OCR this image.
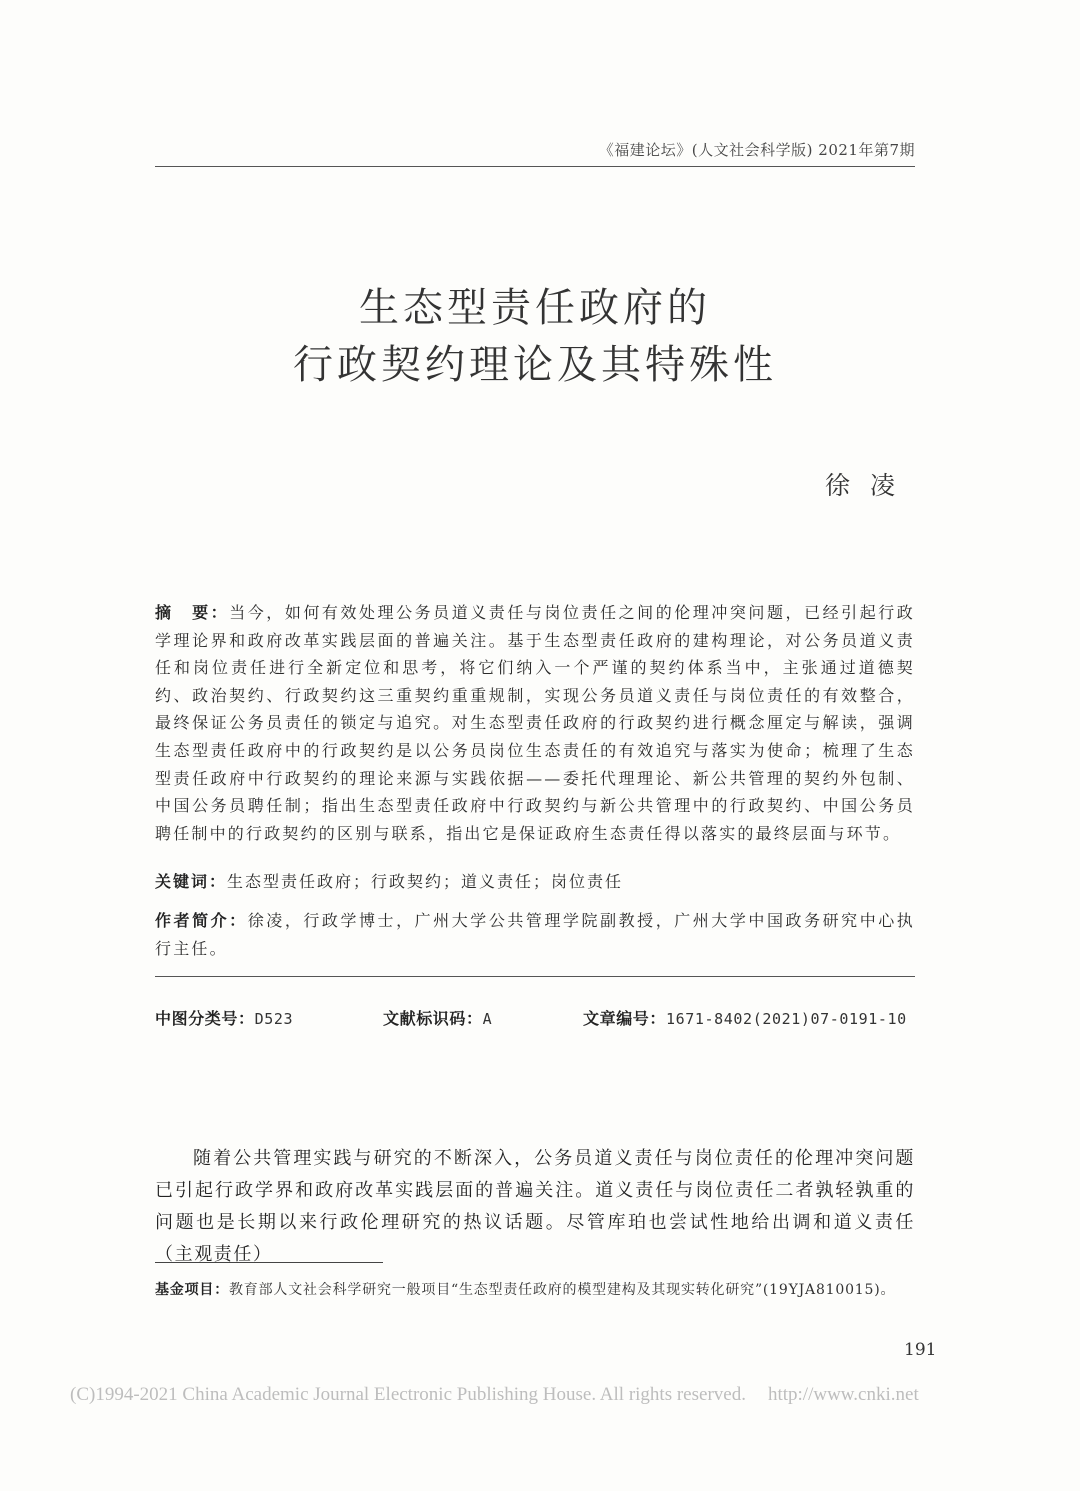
《福建论坛》(人文社会科学版) 2021年第7期
生态型责任政府的
行政契约理论及其特殊性
徐凌
摘　要：当今，如何有效处理公务员道义责任与岗位责任之间的伦理冲突问题，已经引起行政学理论界和政府改革实践层面的普遍关注。基于生态型责任政府的建构理论，对公务员道义责任和岗位责任进行全新定位和思考，将它们纳入一个严谨的契约体系当中，主张通过道德契约、政治契约、行政契约这三重契约重重规制，实现公务员道义责任与岗位责任的有效整合，最终保证公务员责任的锁定与追究。对生态型责任政府的行政契约进行概念厘定与解读，强调生态型责任政府中的行政契约是以公务员岗位生态责任的有效追究与落实为使命；梳理了生态型责任政府中行政契约的理论来源与实践依据——委托代理理论、新公共管理的契约外包制、中国公务员聘任制；指出生态型责任政府中行政契约与新公共管理中的行政契约、中国公务员聘任制中的行政契约的区别与联系，指出它是保证政府生态责任得以落实的最终层面与环节。
关键词：生态型责任政府；行政契约；道义责任；岗位责任
作者简介：徐凌，行政学博士，广州大学公共管理学院副教授，广州大学中国政务研究中心执行主任。
中图分类号：D523	文献标识码：A	文章编号：1671-8402(2021)07-0191-10

随着公共管理实践与研究的不断深入，公务员道义责任与岗位责任的伦理冲突问题已引起行政学界和政府改革实践层面的普遍关注。道义责任与岗位责任二者孰轻孰重的问题也是长期以来行政伦理研究的热议话题。尽管库珀也尝试性地给出调和道义责任（主观责任）

基金项目：教育部人文社会科学研究一般项目“生态型责任政府的模型建构及其现实转化研究”(19YJA810015)。
191
(C)1994-2021 China Academic Journal Electronic Publishing House. All rights reserved. http://www.cnki.net
